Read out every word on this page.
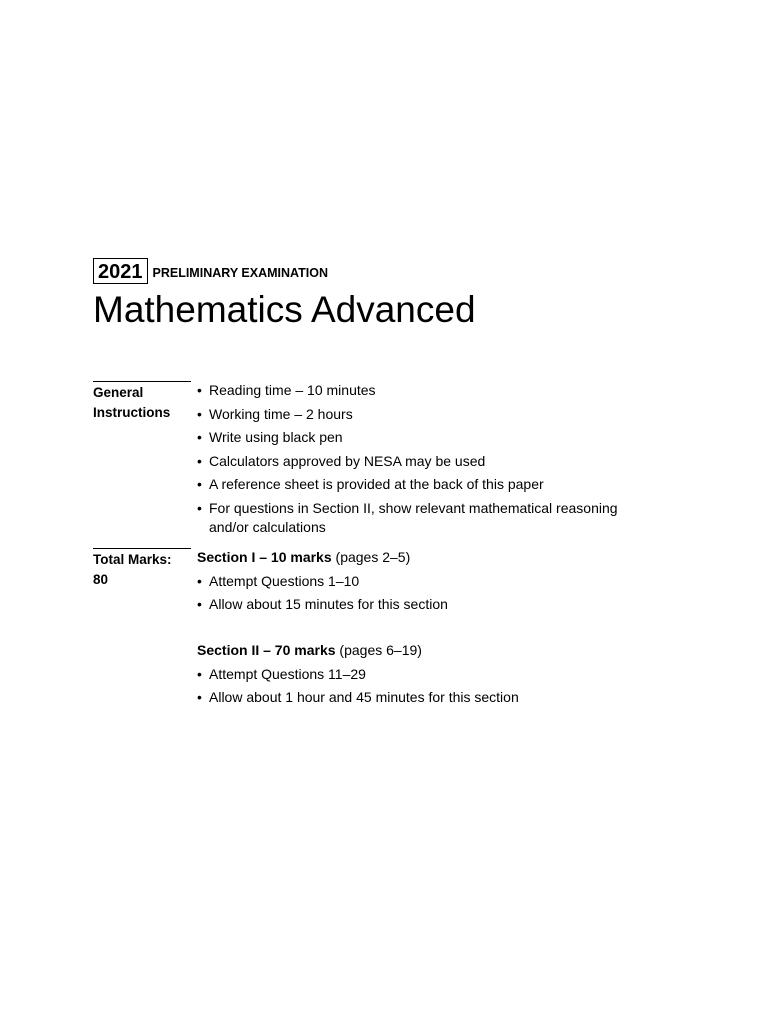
2021 PRELIMINARY EXAMINATION
Mathematics Advanced
General
Instructions
• Reading time – 10 minutes
• Working time – 2 hours
• Write using black pen
• Calculators approved by NESA may be used
• A reference sheet is provided at the back of this paper
• For questions in Section II, show relevant mathematical reasoning and/or calculations
Total Marks:
80
Section I – 10 marks (pages 2–5)
• Attempt Questions 1–10
• Allow about 15 minutes for this section
Section II – 70 marks (pages 6–19)
• Attempt Questions 11–29
• Allow about 1 hour and 45 minutes for this section
